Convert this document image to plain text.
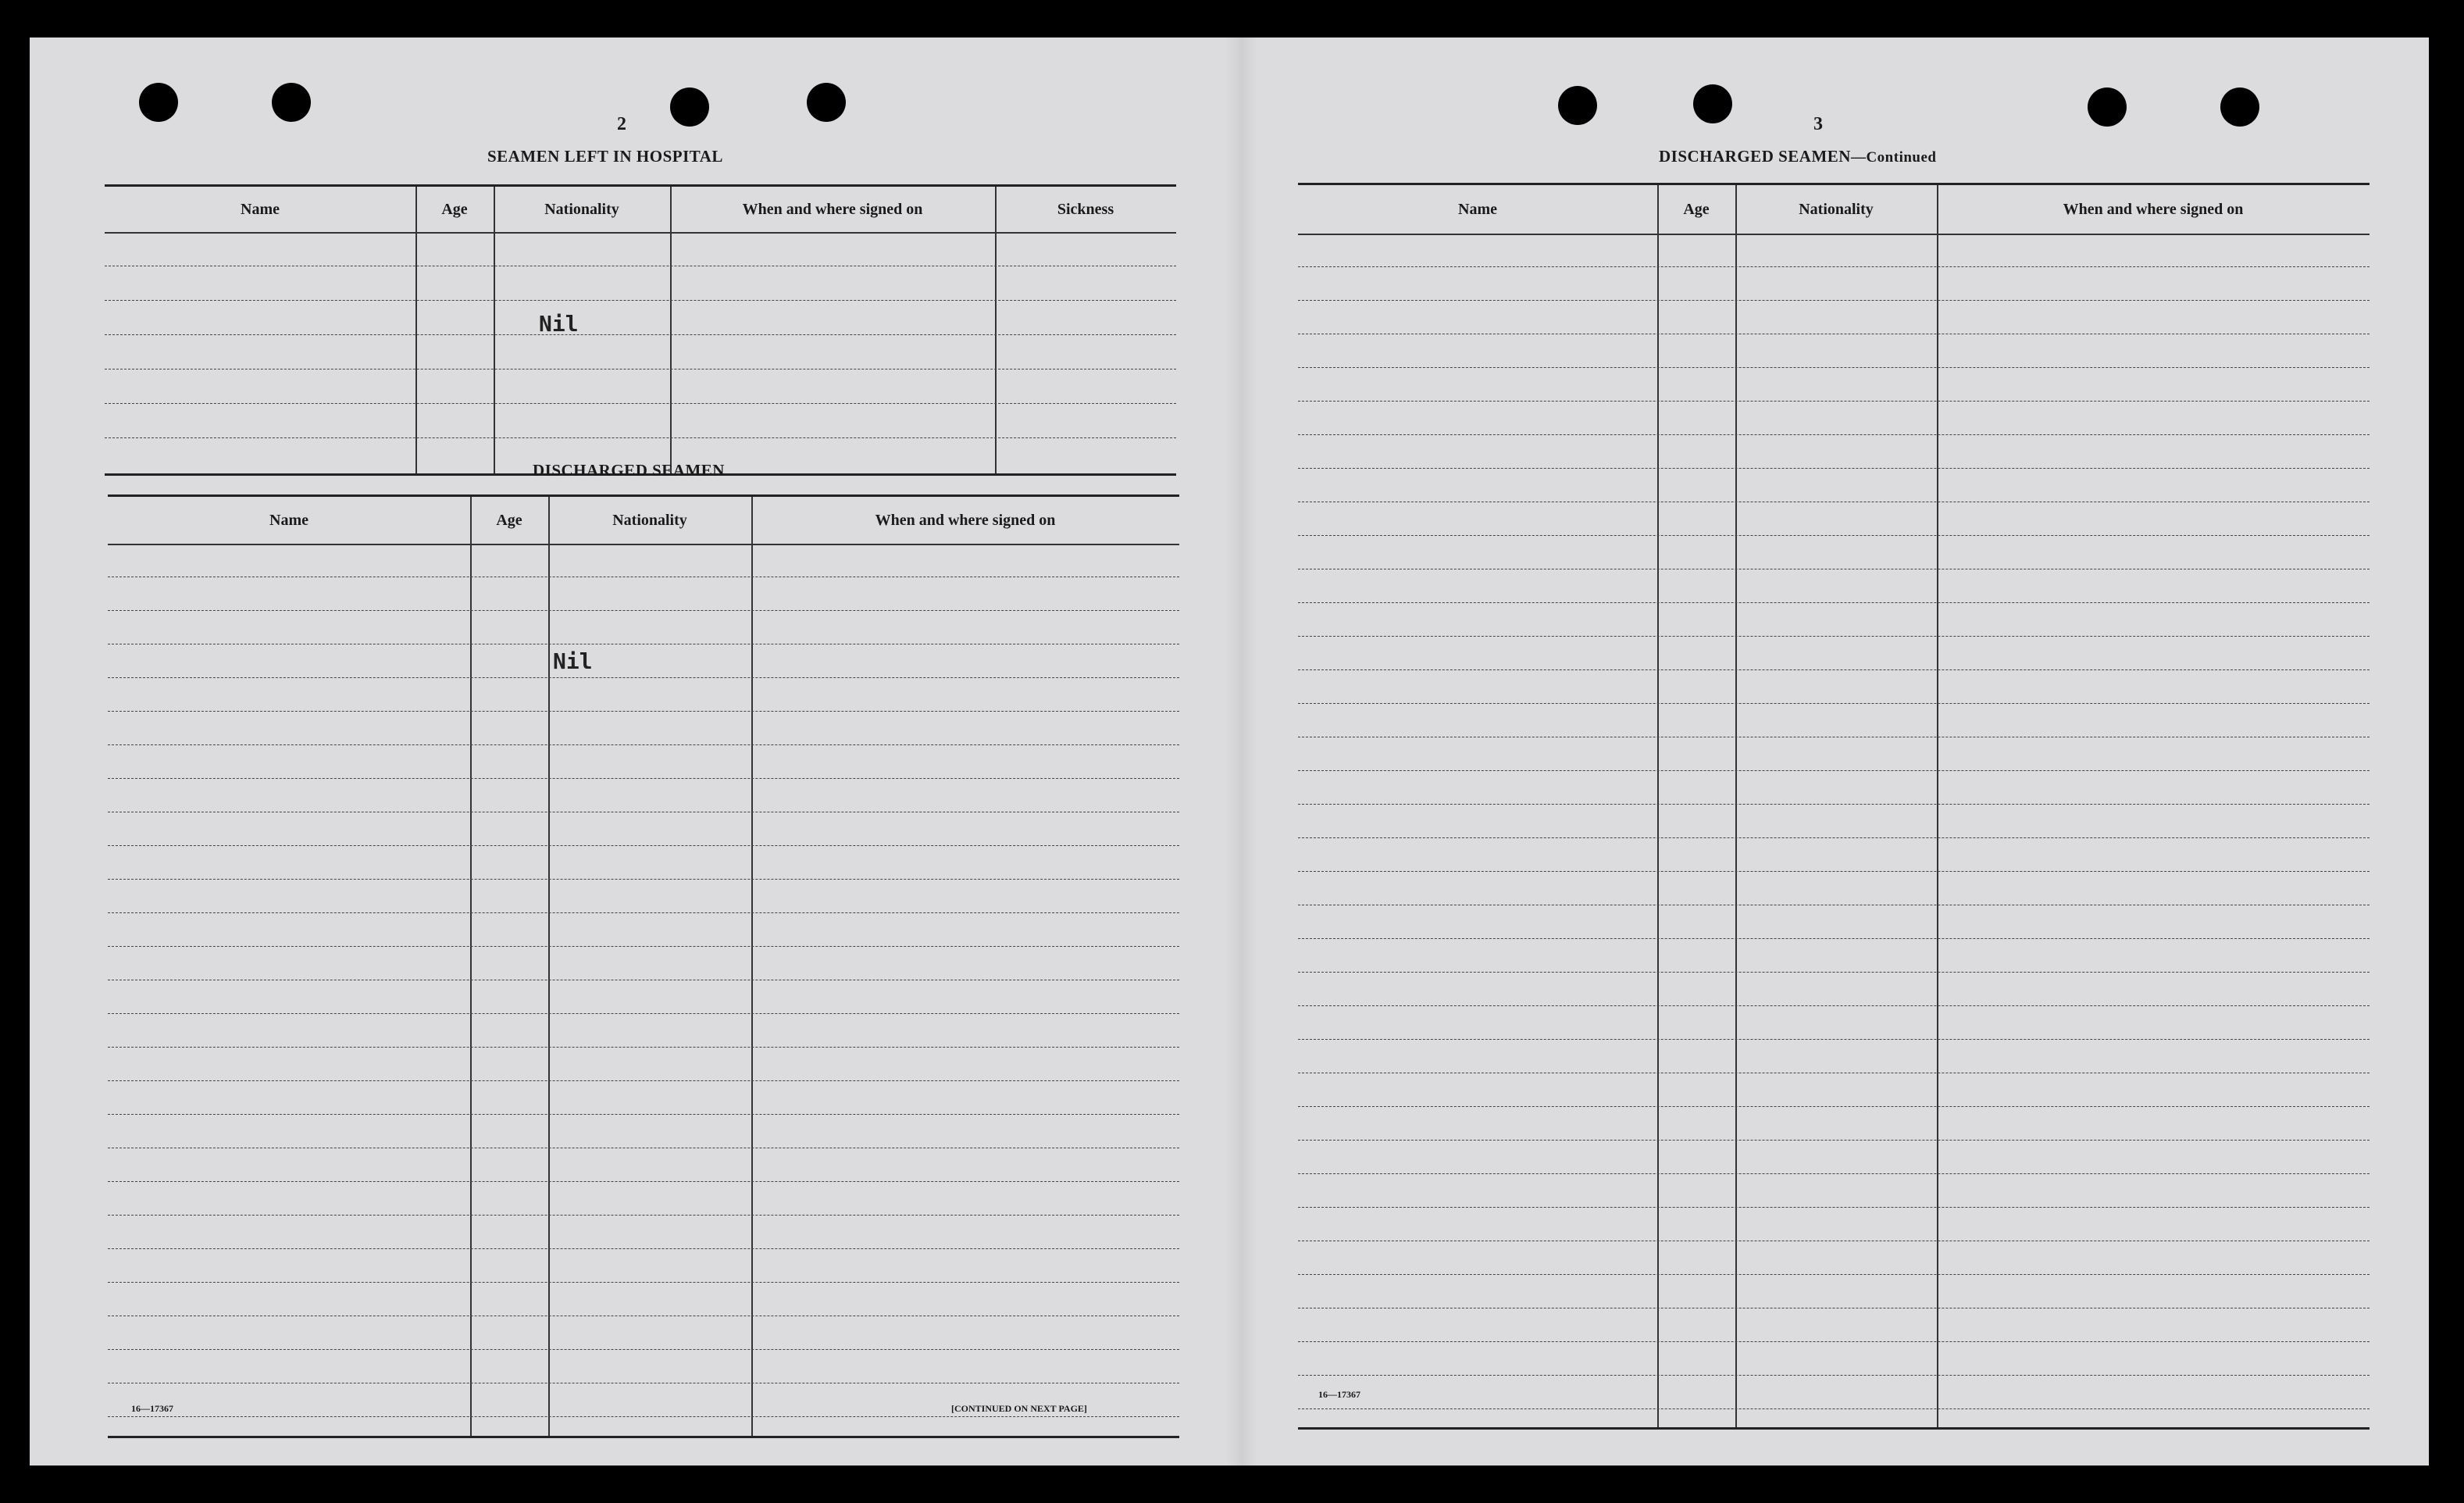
2
SEAMEN LEFT IN HOSPITAL
Name	Age	Nationality	When and where signed on	Sickness
Nil
DISCHARGED SEAMEN
Name	Age	Nationality	When and where signed on
Nil
16—17367	[CONTINUED ON NEXT PAGE]
3
DISCHARGED SEAMEN—Continued
Name	Age	Nationality	When and where signed on
16—17367
